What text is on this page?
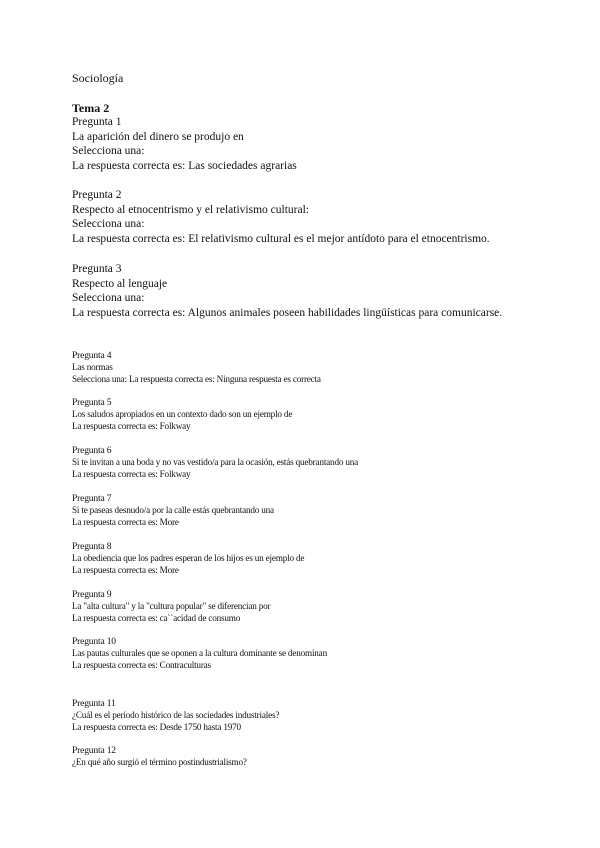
Sociología
Tema 2
Pregunta 1
La aparición del dinero se produjo en
Selecciona una:
La respuesta correcta es: Las sociedades agrarias
Pregunta 2
Respecto al etnocentrismo y el relativismo cultural:
Selecciona una:
La respuesta correcta es: El relativismo cultural es el mejor antídoto para el etnocentrismo.
Pregunta 3
Respecto al lenguaje
Selecciona una:
La respuesta correcta es: Algunos animales poseen habilidades lingüísticas para comunicarse.
Pregunta 4
Las normas
Selecciona una: La respuesta correcta es: Ninguna respuesta es correcta
Pregunta 5
Los saludos apropiados en un contexto dado son un ejemplo de
La respuesta correcta es: Folkway
Pregunta 6
Si te invitan a una boda y no vas vestido/a para la ocasión, estás quebrantando una
La respuesta correcta es: Folkway
Pregunta 7
Si te paseas desnudo/a por la calle estás quebrantando una
La respuesta correcta es: More
Pregunta 8
La obediencia que los padres esperan de los hijos es un ejemplo de
La respuesta correcta es: More
Pregunta 9
La "alta cultura" y la "cultura popular" se diferencian por
La respuesta correcta es: ca``acidad de consumo
Pregunta 10
Las pautas culturales que se oponen a la cultura dominante se denominan
La respuesta correcta es: Contraculturas
Pregunta 11
¿Cuál es el período histórico de las sociedades industriales?
La respuesta correcta es: Desde 1750 hasta 1970
Pregunta 12
¿En qué año surgió el término postindustrialismo?
